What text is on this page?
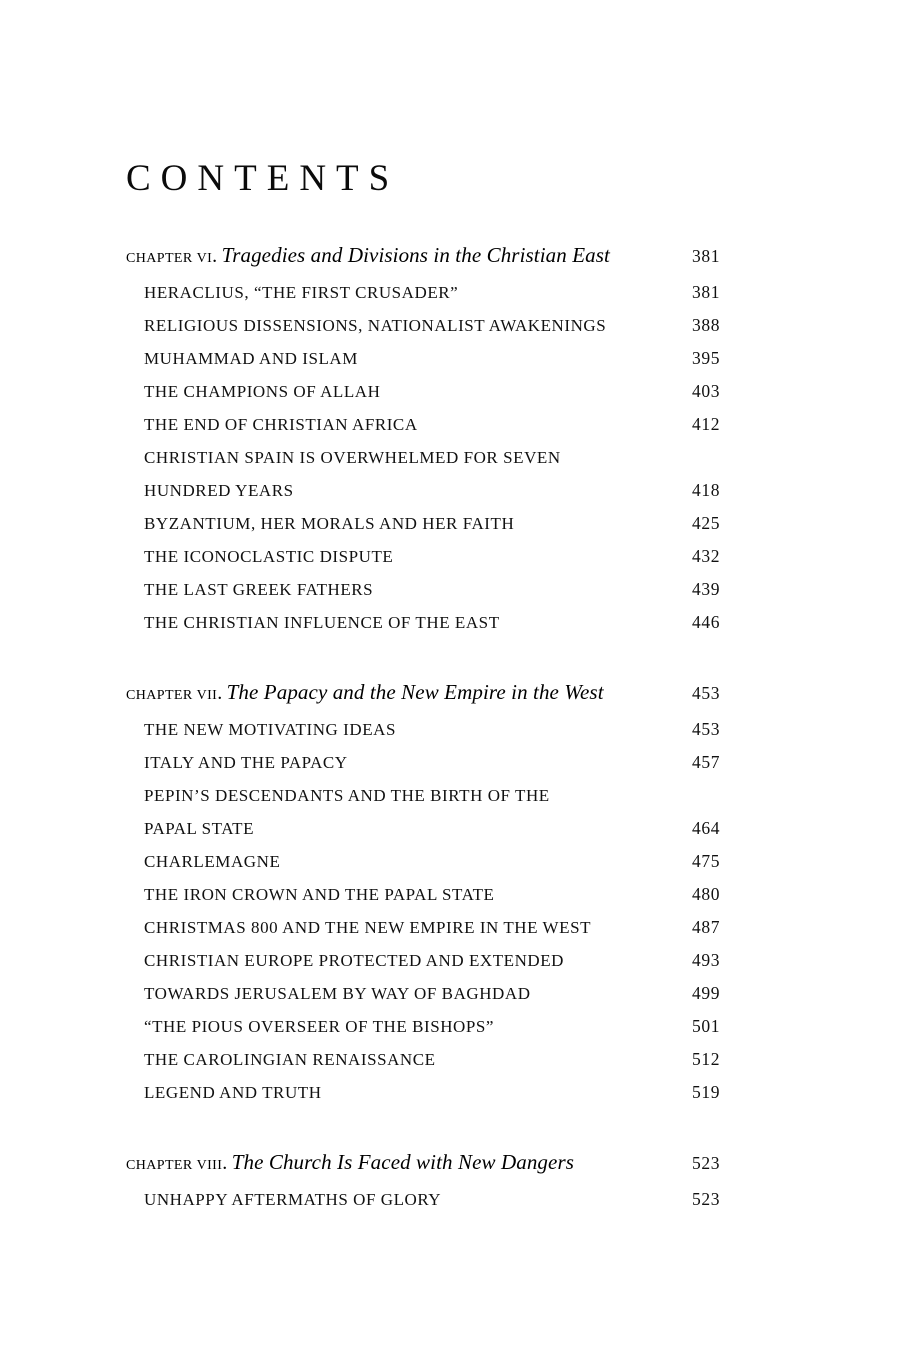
CONTENTS
chapter vi. Tragedies and Divisions in the Christian East	381
HERACLIUS, “THE FIRST CRUSADER”	381
RELIGIOUS DISSENSIONS, NATIONALIST AWAKENINGS	388
MUHAMMAD AND ISLAM	395
THE CHAMPIONS OF ALLAH	403
THE END OF CHRISTIAN AFRICA	412
CHRISTIAN SPAIN IS OVERWHELMED FOR SEVEN
HUNDRED YEARS	418
BYZANTIUM, HER MORALS AND HER FAITH	425
THE ICONOCLASTIC DISPUTE	432
THE LAST GREEK FATHERS	439
THE CHRISTIAN INFLUENCE OF THE EAST	446
chapter vii. The Papacy and the New Empire in the West	453
THE NEW MOTIVATING IDEAS	453
ITALY AND THE PAPACY	457
PEPIN’S DESCENDANTS AND THE BIRTH OF THE
PAPAL STATE	464
CHARLEMAGNE	475
THE IRON CROWN AND THE PAPAL STATE	480
CHRISTMAS 800 AND THE NEW EMPIRE IN THE WEST	487
CHRISTIAN EUROPE PROTECTED AND EXTENDED	493
TOWARDS JERUSALEM BY WAY OF BAGHDAD	499
“THE PIOUS OVERSEER OF THE BISHOPS”	501
THE CAROLINGIAN RENAISSANCE	512
LEGEND AND TRUTH	519
chapter viii. The Church Is Faced with New Dangers	523
UNHAPPY AFTERMATHS OF GLORY	523
